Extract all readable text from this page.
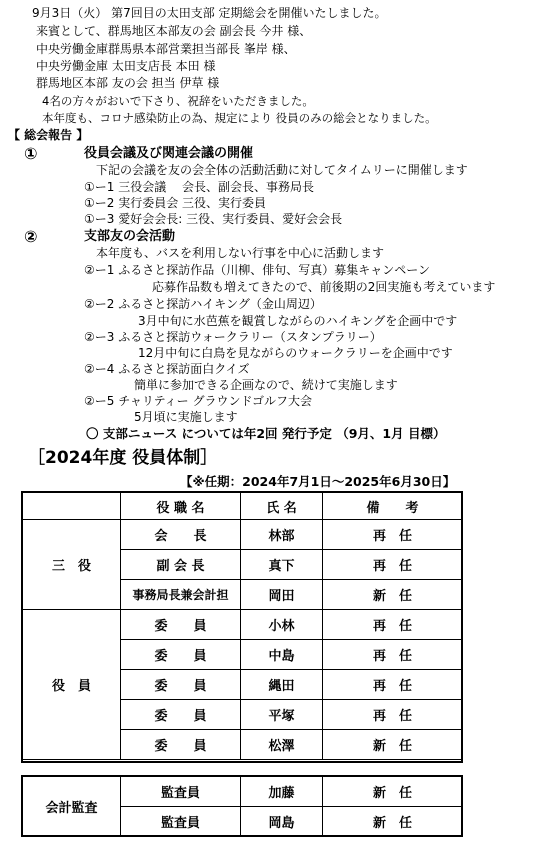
9月3日（火） 第7回目の太田支部 定期総会を開催いたしました。
来賓として、群馬地区本部友の会 副会長 今井 様、
中央労働金庫群馬県本部営業担当部長 峯岸 様、
中央労働金庫 太田支店長 本田 様
群馬地区本部 友の会 担当 伊草 様
4名の方々がおいで下さり、祝辞をいただきました。
本年度も、コロナ感染防止の為、規定により 役員のみの総会となりました。
【 総会報告 】
①	役員会議及び関連会議の開催
下記の会議を友の会全体の活動活動に対してタイムリーに開催します
①ー1 三役会議　 会長、副会長、事務局長
①ー2 実行委員会 三役、実行委員
①ー3 愛好会会長: 三役、実行委員、愛好会会長
②	支部友の会活動
本年度も、バスを利用しない行事を中心に活動します
②ー1 ふるさと探訪作品（川柳、俳句、写真）募集キャンペーン
応募作品数も増えてきたので、前後期の2回実施も考えています
②ー2 ふるさと探訪ハイキング（金山周辺）
3月中旬に水芭蕉を観賞しながらのハイキングを企画中です
②ー3 ふるさと探訪ウォークラリー（スタンプラリー）
12月中旬に白鳥を見ながらのウォークラリーを企画中です
②ー4 ふるさと探訪面白クイズ
簡単に参加できる企画なので、続けて実施します
②ー5 チャリティー グラウンドゴルフ大会
5月頃に実施します
〇 支部ニュース については年2回 発行予定 （9月、1月 目標）
［2024年度 役員体制］
【※任期：2024年7月1日～2025年6月30日】
	役 職 名	氏 名	備　　考
三　役	会　　長	林部	再　任
	副 会 長	真下	再　任
	事務局長兼会計担	岡田	新　任
役　員	委　　員	小林	再　任
	委　　員	中島	再　任
	委　　員	縄田	再　任
	委　　員	平塚	再　任
	委　　員	松澤	新　任
会計監査	監査員	加藤	新　任
	監査員	岡島	新　任
